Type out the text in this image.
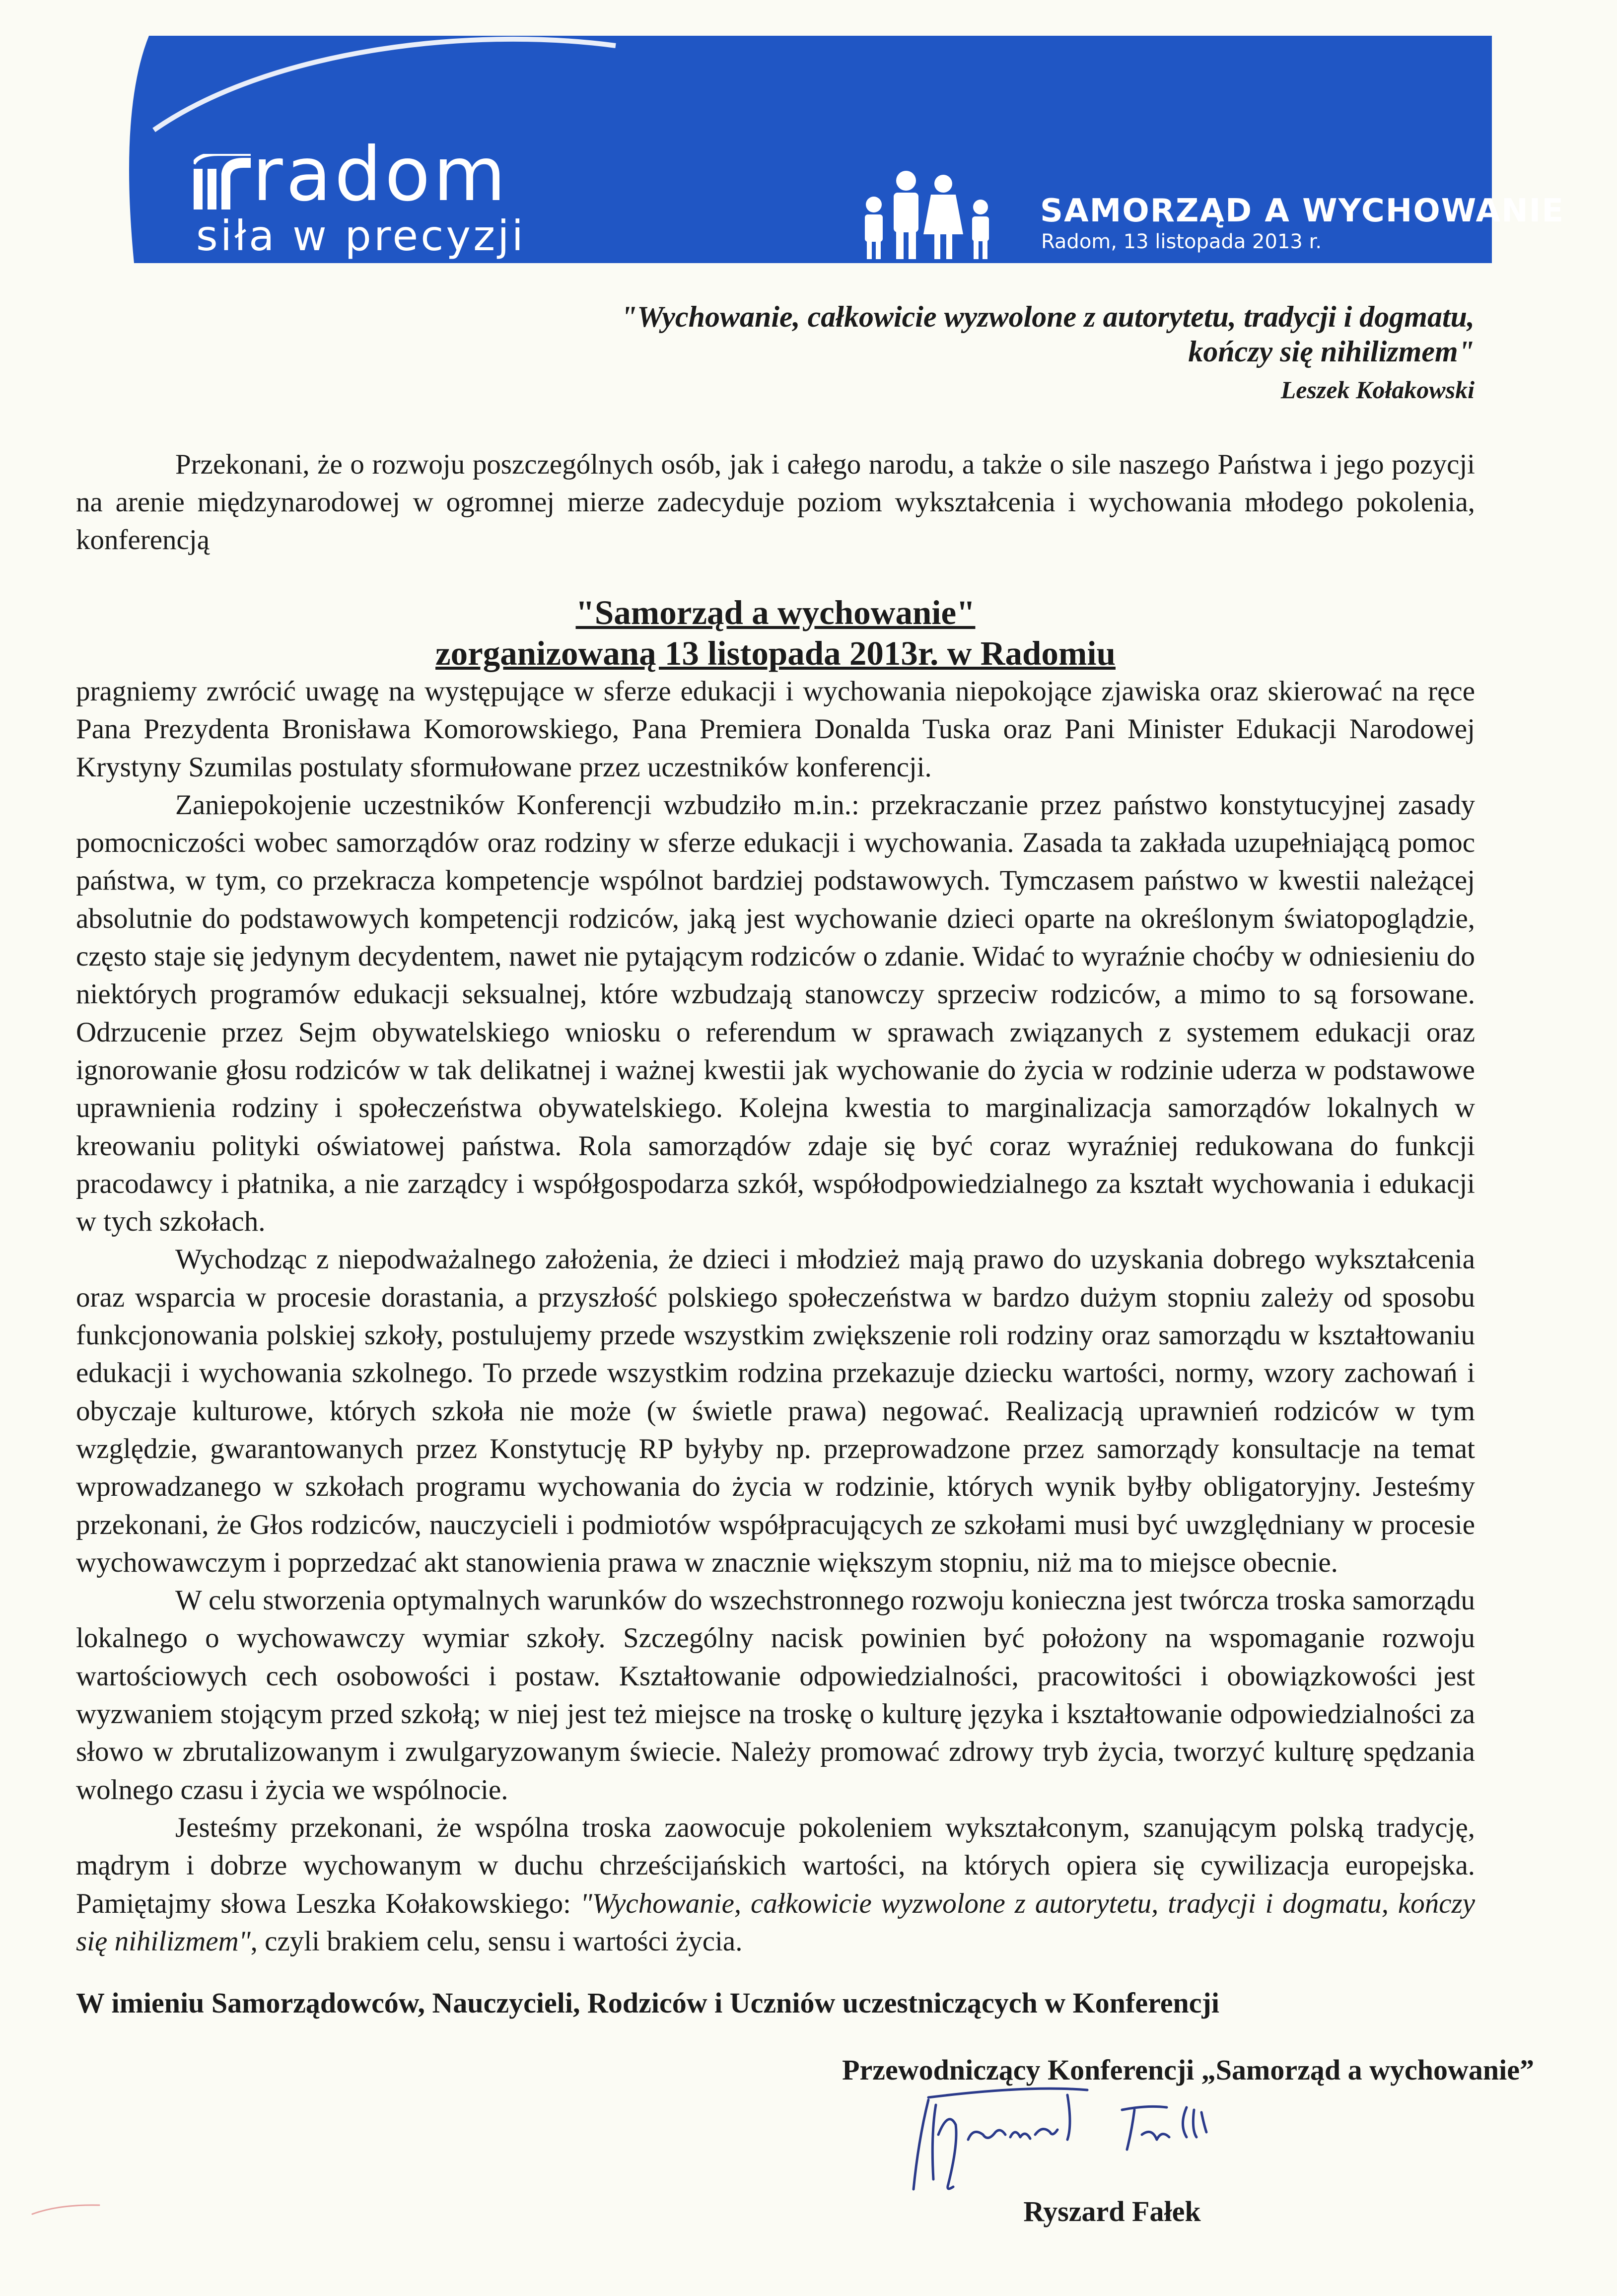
radom
siła w precyzji
SAMORZĄD A WYCHOWANIE
Radom, 13 listopada 2013 r.
"Wychowanie, całkowicie wyzwolone z autorytetu, tradycji i dogmatu,
kończy się nihilizmem"
Leszek Kołakowski

Przekonani, że o rozwoju poszczególnych osób, jak i całego narodu, a także o sile naszego Państwa i jego pozycji na arenie międzynarodowej w ogromnej mierze zadecyduje poziom wykształcenia i wychowania młodego pokolenia, konferencją

"Samorząd a wychowanie"
zorganizowaną 13 listopada 2013r. w Radomiu

pragniemy zwrócić uwagę na występujące w sferze edukacji i wychowania niepokojące zjawiska oraz skierować na ręce Pana Prezydenta Bronisława Komorowskiego, Pana Premiera Donalda Tuska oraz Pani Minister Edukacji Narodowej Krystyny Szumilas postulaty sformułowane przez uczestników konferencji.

Zaniepokojenie uczestników Konferencji wzbudziło m.in.: przekraczanie przez państwo konstytucyjnej zasady pomocniczości wobec samorządów oraz rodziny w sferze edukacji i wychowania. Zasada ta zakłada uzupełniającą pomoc państwa, w tym, co przekracza kompetencje wspólnot bardziej podstawowych. Tymczasem państwo w kwestii należącej absolutnie do podstawowych kompetencji rodziców, jaką jest wychowanie dzieci oparte na określonym światopoglądzie, często staje się jedynym decydentem, nawet nie pytającym rodziców o zdanie. Widać to wyraźnie choćby w odniesieniu do niektórych programów edukacji seksualnej, które wzbudzają stanowczy sprzeciw rodziców, a mimo to są forsowane. Odrzucenie przez Sejm obywatelskiego wniosku o referendum w sprawach związanych z systemem edukacji oraz ignorowanie głosu rodziców w tak delikatnej i ważnej kwestii jak wychowanie do życia w rodzinie uderza w podstawowe uprawnienia rodziny i społeczeństwa obywatelskiego. Kolejna kwestia to marginalizacja samorządów lokalnych w kreowaniu polityki oświatowej państwa. Rola samorządów zdaje się być coraz wyraźniej redukowana do funkcji pracodawcy i płatnika, a nie zarządcy i współgospodarza szkół, współodpowiedzialnego za kształt wychowania i edukacji w tych szkołach.

Wychodząc z niepodważalnego założenia, że dzieci i młodzież mają prawo do uzyskania dobrego wykształcenia oraz wsparcia w procesie dorastania, a przyszłość polskiego społeczeństwa w bardzo dużym stopniu zależy od sposobu funkcjonowania polskiej szkoły, postulujemy przede wszystkim zwiększenie roli rodziny oraz samorządu w kształtowaniu edukacji i wychowania szkolnego. To przede wszystkim rodzina przekazuje dziecku wartości, normy, wzory zachowań i obyczaje kulturowe, których szkoła nie może (w świetle prawa) negować. Realizacją uprawnień rodziców w tym względzie, gwarantowanych przez Konstytucję RP byłyby np. przeprowadzone przez samorządy konsultacje na temat wprowadzanego w szkołach programu wychowania do życia w rodzinie, których wynik byłby obligatoryjny. Jesteśmy przekonani, że Głos rodziców, nauczycieli i podmiotów współpracujących ze szkołami musi być uwzględniany w procesie wychowawczym i poprzedzać akt stanowienia prawa w znacznie większym stopniu, niż ma to miejsce obecnie.

W celu stworzenia optymalnych warunków do wszechstronnego rozwoju konieczna jest twórcza troska samorządu lokalnego o wychowawczy wymiar szkoły. Szczególny nacisk powinien być położony na wspomaganie rozwoju wartościowych cech osobowości i postaw. Kształtowanie odpowiedzialności, pracowitości i obowiązkowości jest wyzwaniem stojącym przed szkołą; w niej jest też miejsce na troskę o kulturę języka i kształtowanie odpowiedzialności za słowo w zbrutalizowanym i zwulgaryzowanym świecie. Należy promować zdrowy tryb życia, tworzyć kulturę spędzania wolnego czasu i życia we wspólnocie.

Jesteśmy przekonani, że wspólna troska zaowocuje pokoleniem wykształconym, szanującym polską tradycję, mądrym i dobrze wychowanym w duchu chrześcijańskich wartości, na których opiera się cywilizacja europejska. Pamiętajmy słowa Leszka Kołakowskiego: "Wychowanie, całkowicie wyzwolone z autorytetu, tradycji i dogmatu, kończy się nihilizmem", czyli brakiem celu, sensu i wartości życia.

W imieniu Samorządowców, Nauczycieli, Rodziców i Uczniów uczestniczących w Konferencji
Przewodniczący Konferencji „Samorząd a wychowanie”
Ryszard Fałek
